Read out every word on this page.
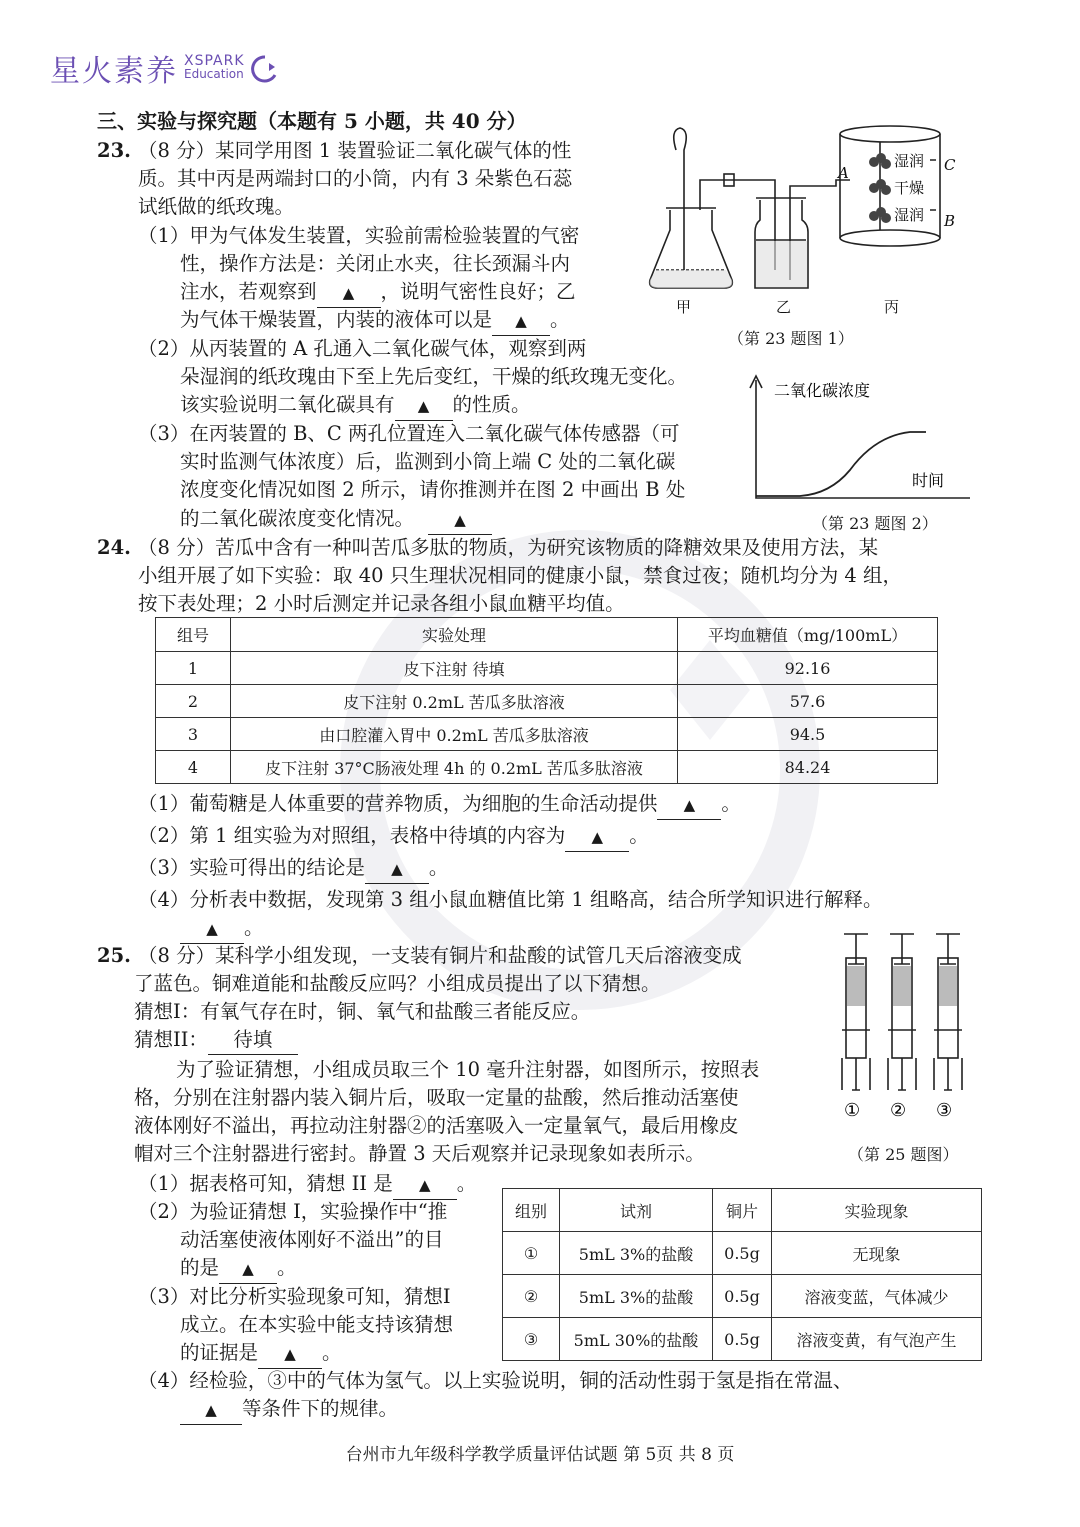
星火素养 XSPARK
Education
三、实验与探究题（本题有 5 小题，共 40 分）
23. （8 分）某同学用图 1 装置验证二氧化碳气体的性
质。其中丙是两端封口的小筒，内有 3 朵紫色石蕊
试纸做的纸玫瑰。
（1）甲为气体发生装置，实验前需检验装置的气密
性，操作方法是：关闭止水夹，往长颈漏斗内
注水，若观察到 ▲ ，说明气密性良好；乙
为气体干燥装置，内装的液体可以是 ▲ 。
（2）从丙装置的 A 孔通入二氧化碳气体，观察到两
朵湿润的纸玫瑰由下至上先后变红，干燥的纸玫瑰无变化。
该实验说明二氧化碳具有 ▲ 的性质。
（3）在丙装置的 B、C 两孔位置连入二氧化碳气体传感器（可
实时监测气体浓度）后，监测到小筒上端 C 处的二氧化碳
浓度变化情况如图 2 所示，请你推测并在图 2 中画出 B 处
的二氧化碳浓度变化情况。	▲
湿润
干燥
湿润
C
B
A
甲	乙	丙
（第 23 题图 1）
二氧化碳浓度
时间
（第 23 题图 2）
24. （8 分）苦瓜中含有一种叫苦瓜多肽的物质，为研究该物质的降糖效果及使用方法，某
小组开展了如下实验：取 40 只生理状况相同的健康小鼠，禁食过夜；随机均分为 4 组，
按下表处理；2 小时后测定并记录各组小鼠血糖平均值。
组号	实验处理	平均血糖值（mg/100mL）
1	皮下注射 待填	92.16
2	皮下注射 0.2mL 苦瓜多肽溶液	57.6
3	由口腔灌入胃中 0.2mL 苦瓜多肽溶液	94.5
4	皮下注射 37°C肠液处理 4h 的 0.2mL 苦瓜多肽溶液	84.24
（1）葡萄糖是人体重要的营养物质，为细胞的生命活动提供 ▲ 。
（2）第 1 组实验为对照组，表格中待填的内容为 ▲ 。
（3）实验可得出的结论是 ▲ 。
（4）分析表中数据，发现第 3 组小鼠血糖值比第 1 组略高，结合所学知识进行解释。
▲ 。
25. （8 分）某科学小组发现，一支装有铜片和盐酸的试管几天后溶液变成
了蓝色。铜难道能和盐酸反应吗？小组成员提出了以下猜想。
猜想I：有氧气存在时，铜、氧气和盐酸三者能反应。
猜想II： 待填
为了验证猜想，小组成员取三个 10 毫升注射器，如图所示，按照表
格，分别在注射器内装入铜片后，吸取一定量的盐酸，然后推动活塞使
液体刚好不溢出，再拉动注射器②的活塞吸入一定量氧气，最后用橡皮
帽对三个注射器进行密封。静置 3 天后观察并记录现象如表所示。
① ② ③
（第 25 题图）
（1）据表格可知，猜想 II 是 ▲ 。
（2）为验证猜想 I，实验操作中“推
动活塞使液体刚好不溢出”的目
的是 ▲ 。
（3）对比分析实验现象可知，猜想I
成立。在本实验中能支持该猜想
的证据是 ▲ 。
组别	试剂	铜片	实验现象
①	5mL 3%的盐酸	0.5g	无现象
②	5mL 3%的盐酸	0.5g	溶液变蓝，气体减少
③	5mL 30%的盐酸	0.5g	溶液变黄，有气泡产生
（4）经检验，③中的气体为氢气。以上实验说明，铜的活动性弱于氢是指在常温、
▲ 等条件下的规律。
台州市九年级科学教学质量评估试题 第 5页 共 8 页
